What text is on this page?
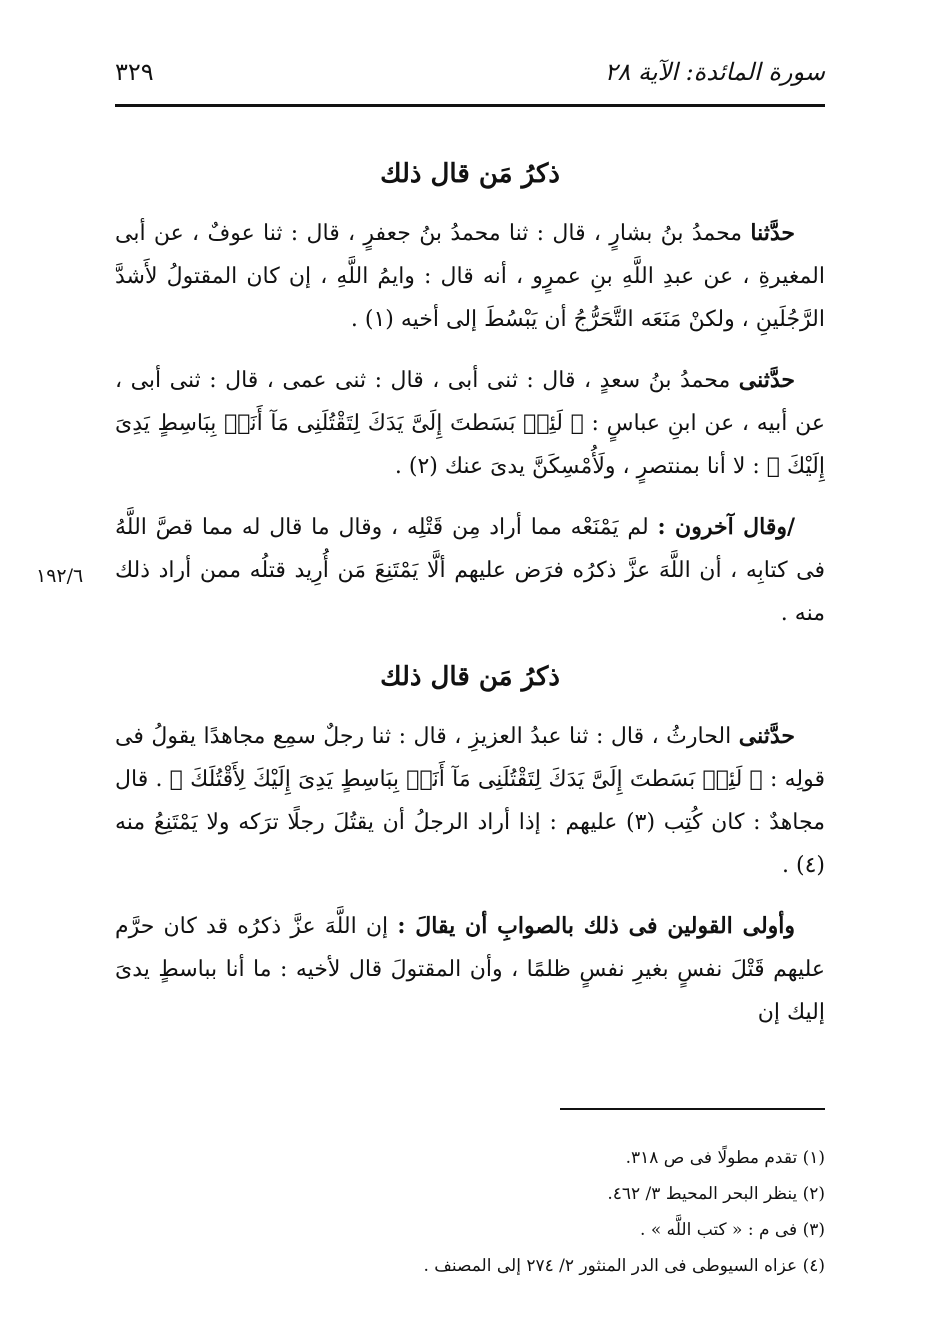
سورة المائدة: الآية ٢٨
٣٢٩
١٩٢/٦
ذكرُ مَن قال ذلك

حدَّثنا محمدُ بنُ بشارٍ ، قال : ثنا محمدُ بنُ جعفرٍ ، قال : ثنا عوفٌ ، عن أبى المغيرةِ ، عن عبدِ اللَّهِ بنِ عمرٍو ، أنه قال : وايمُ اللَّهِ ، إن كان المقتولُ لأَشدَّ الرَّجُلَينِ ، ولكنْ مَنَعَه التَّحَرُّجُ أن يَبْسُطَ إلى أخيه (١) .

حدَّثنى محمدُ بنُ سعدٍ ، قال : ثنى أبى ، قال : ثنى عمى ، قال : ثنى أبى ، عن أبيه ، عن ابنِ عباسٍ : ﴿ لَئِنۢ بَسَطتَ إِلَىَّ يَدَكَ لِتَقْتُلَنِى مَآ أَنَا۠ بِبَاسِطٍ يَدِىَ إِلَيْكَ ﴾ : لا أنا بمنتصرٍ ، ولَأُمْسِكَنَّ يدىَ عنك (٢) .

/وقال آخرون : لم يَمْنَعْه مما أراد مِن قَتْلِه ، وقال ما قال له مما قصَّ اللَّهُ فى كتابِه ، أن اللَّهَ عزَّ ذكرُه فرَض عليهم ألَّا يَمْتَنِعَ مَن أُرِيد قتلُه ممن أراد ذلك منه .

ذكرُ مَن قال ذلك

حدَّثنى الحارثُ ، قال : ثنا عبدُ العزيزِ ، قال : ثنا رجلٌ سمِع مجاهدًا يقولُ فى قولِه : ﴿ لَئِنۢ بَسَطتَ إِلَىَّ يَدَكَ لِتَقْتُلَنِى مَآ أَنَا۠ بِبَاسِطٍ يَدِىَ إِلَيْكَ لِأَقْتُلَكَ ﴾ . قال مجاهدٌ : كان كُتِب (٣) عليهم : إذا أراد الرجلُ أن يقتُلَ رجلًا ترَكه ولا يَمْتَنِعُ منه (٤) .

وأولى القولين فى ذلك بالصوابِ أن يقالَ : إن اللَّهَ عزَّ ذكرُه قد كان حرَّم عليهم قَتْلَ نفسٍ بغيرِ نفسٍ ظلمًا ، وأن المقتولَ قال لأخيه : ما أنا بباسطٍ يدىَ إليك إن

(١) تقدم مطولًا فى ص ٣١٨.

(٢) ينظر البحر المحيط ٣/ ٤٦٢.

(٣) فى م : « كتب اللَّه » .

(٤) عزاه السيوطى فى الدر المنثور ٢/ ٢٧٤ إلى المصنف .
